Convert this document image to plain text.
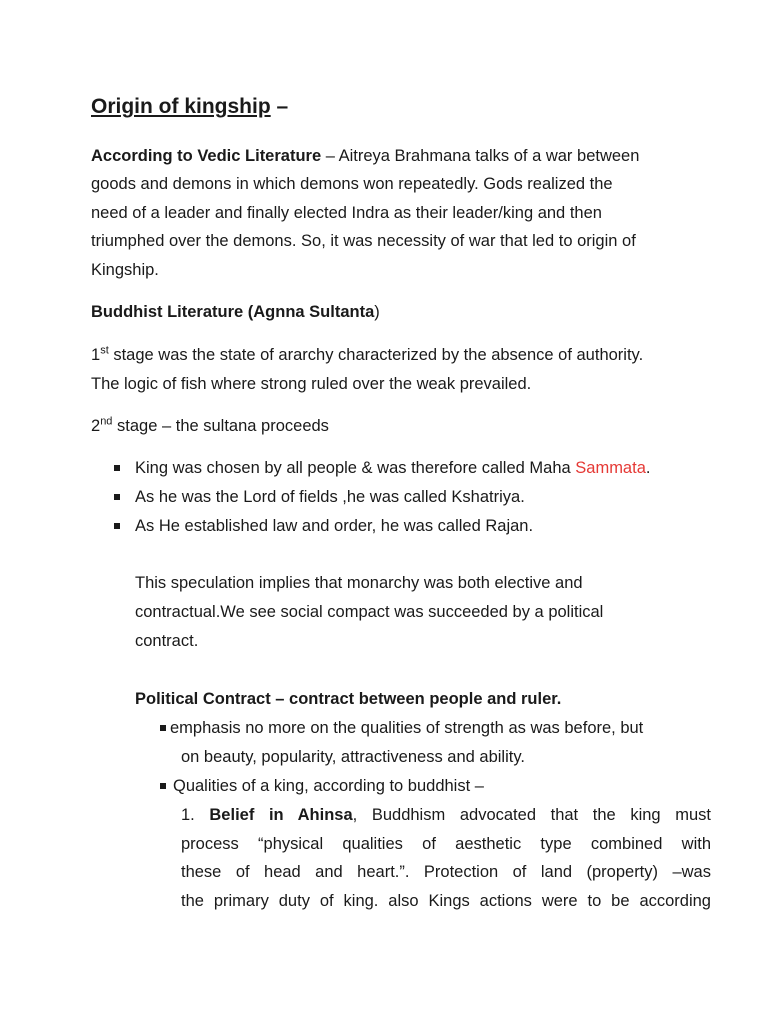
Origin of kingship –
According to Vedic Literature – Aitreya Brahmana talks of a war between
goods and demons in which demons won repeatedly. Gods realized the
need of a leader and finally elected Indra as their leader/king and then
triumphed over the demons. So, it was necessity of war that led to origin of
Kingship.
Buddhist Literature (Agnna Sultanta)
1st stage was the state of ararchy characterized by the absence of authority.
The logic of fish where strong ruled over the weak prevailed.
2nd stage – the sultana proceeds
King was chosen by all people & was therefore called Maha Sammata.
As he was the Lord of fields ,he was called Kshatriya.
As He established law and order, he was called Rajan.
This speculation implies that monarchy was both elective and
contractual.We see social compact was succeeded by a political
contract.
Political Contract – contract between people and ruler.
emphasis no more on the qualities of strength as was before, but
on beauty, popularity, attractiveness and ability.
Qualities of a king, according to buddhist –
1. Belief in Ahinsa, Buddhism advocated that the king must
process “physical qualities of aesthetic type combined with
these of head and heart.”. Protection of land (property) –was
the primary duty of king. also Kings actions were to be according
